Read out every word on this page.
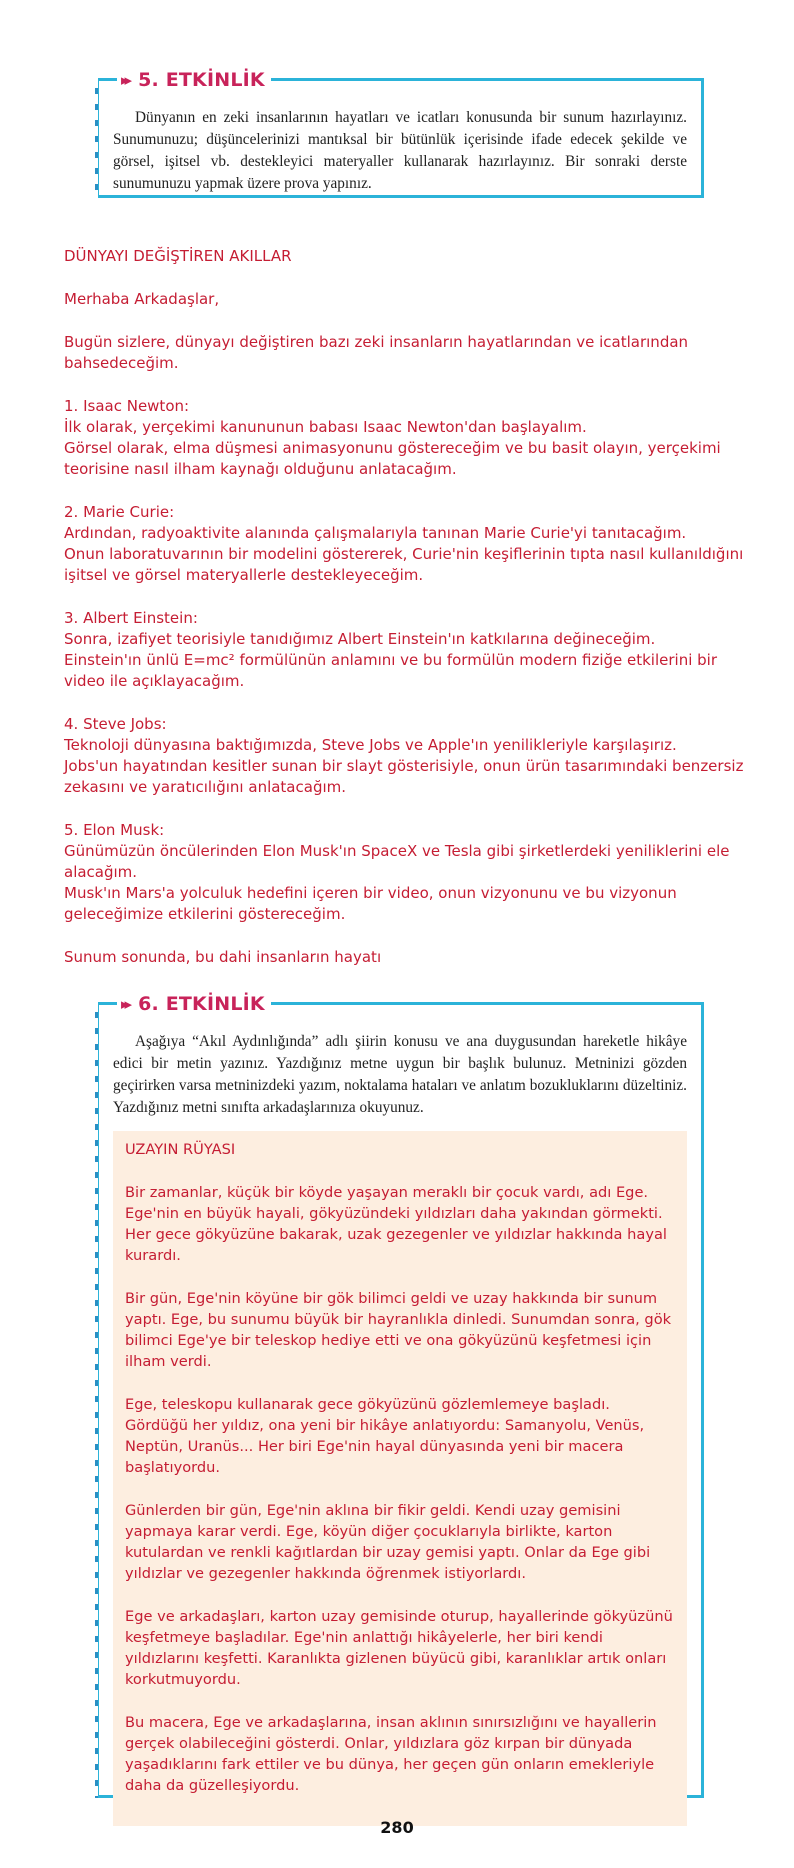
▸▸ 5. ETKİNLİK

Dünyanın en zeki insanlarının hayatları ve icatları konusunda bir sunum hazırlayınız. Sunumunuzu; düşüncelerinizi mantıksal bir bütünlük içerisinde ifade edecek şekilde ve görsel, işitsel vb. destekleyici materyaller kullanarak hazırlayınız. Bir sonraki derste sunumunuzu yapmak üzere prova yapınız.

DÜNYAYI DEĞİŞTİREN AKILLAR

Merhaba Arkadaşlar,

Bugün sizlere, dünyayı değiştiren bazı zeki insanların hayatlarından ve icatlarından bahsedeceğim.

1. Isaac Newton:
İlk olarak, yerçekimi kanununun babası Isaac Newton'dan başlayalım.
Görsel olarak, elma düşmesi animasyonunu göstereceğim ve bu basit olayın, yerçekimi teorisine nasıl ilham kaynağı olduğunu anlatacağım.

2. Marie Curie:
Ardından, radyoaktivite alanında çalışmalarıyla tanınan Marie Curie'yi tanıtacağım.
Onun laboratuvarının bir modelini göstererek, Curie'nin keşiflerinin tıpta nasıl kullanıldığını işitsel ve görsel materyallerle destekleyeceğim.

3. Albert Einstein:
Sonra, izafiyet teorisiyle tanıdığımız Albert Einstein'ın katkılarına değineceğim.
Einstein'ın ünlü E=mc² formülünün anlamını ve bu formülün modern fiziğe etkilerini bir video ile açıklayacağım.

4. Steve Jobs:
Teknoloji dünyasına baktığımızda, Steve Jobs ve Apple'ın yenilikleriyle karşılaşırız.
Jobs'un hayatından kesitler sunan bir slayt gösterisiyle, onun ürün tasarımındaki benzersiz zekasını ve yaratıcılığını anlatacağım.

5. Elon Musk:
Günümüzün öncülerinden Elon Musk'ın SpaceX ve Tesla gibi şirketlerdeki yeniliklerini ele alacağım.
Musk'ın Mars'a yolculuk hedefini içeren bir video, onun vizyonunu ve bu vizyonun geleceğimize etkilerini göstereceğim.

Sunum sonunda, bu dahi insanların hayatı

▸▸ 6. ETKİNLİK

Aşağıya “Akıl Aydınlığında” adlı şiirin konusu ve ana duygusundan hareketle hikâye edici bir metin yazınız. Yazdığınız metne uygun bir başlık bulunuz. Metninizi gözden geçirirken varsa metninizdeki yazım, noktalama hataları ve anlatım bozukluklarını düzeltiniz. Yazdığınız metni sınıfta arkadaşlarınıza okuyunuz.

UZAYIN RÜYASI

Bir zamanlar, küçük bir köyde yaşayan meraklı bir çocuk vardı, adı Ege. Ege'nin en büyük hayali, gökyüzündeki yıldızları daha yakından görmekti. Her gece gökyüzüne bakarak, uzak gezegenler ve yıldızlar hakkında hayal kurardı.

Bir gün, Ege'nin köyüne bir gök bilimci geldi ve uzay hakkında bir sunum yaptı. Ege, bu sunumu büyük bir hayranlıkla dinledi. Sunumdan sonra, gök bilimci Ege'ye bir teleskop hediye etti ve ona gökyüzünü keşfetmesi için ilham verdi.

Ege, teleskopu kullanarak gece gökyüzünü gözlemlemeye başladı. Gördüğü her yıldız, ona yeni bir hikâye anlatıyordu: Samanyolu, Venüs, Neptün, Uranüs... Her biri Ege'nin hayal dünyasında yeni bir macera başlatıyordu.

Günlerden bir gün, Ege'nin aklına bir fikir geldi. Kendi uzay gemisini yapmaya karar verdi. Ege, köyün diğer çocuklarıyla birlikte, karton kutulardan ve renkli kağıtlardan bir uzay gemisi yaptı. Onlar da Ege gibi yıldızlar ve gezegenler hakkında öğrenmek istiyorlardı.

Ege ve arkadaşları, karton uzay gemisinde oturup, hayallerinde gökyüzünü keşfetmeye başladılar. Ege'nin anlattığı hikâyelerle, her biri kendi yıldızlarını keşfetti. Karanlıkta gizlenen büyücü gibi, karanlıklar artık onları korkutmuyordu.

Bu macera, Ege ve arkadaşlarına, insan aklının sınırsızlığını ve hayallerin gerçek olabileceğini gösterdi. Onlar, yıldızlara göz kırpan bir dünyada yaşadıklarını fark ettiler ve bu dünya, her geçen gün onların emekleriyle daha da güzelleşiyordu.

280
